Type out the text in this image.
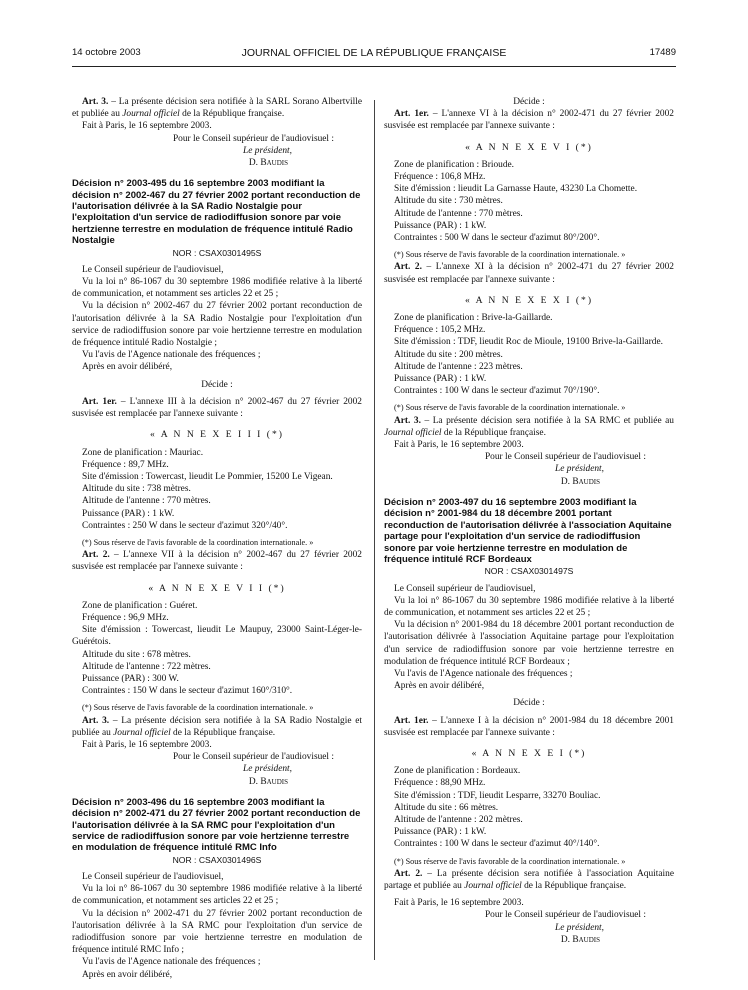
14 octobre 2003	JOURNAL OFFICIEL DE LA RÉPUBLIQUE FRANÇAISE	17489

Art. 3. – La présente décision sera notifiée à la SARL Sorano Albertville et publiée au Journal officiel de la République française.

Fait à Paris, le 16 septembre 2003.

Pour le Conseil supérieur de l'audiovisuel :

Le président,

D. Baudis

Décision n° 2003-495 du 16 septembre 2003 modifiant la décision n° 2002-467 du 27 février 2002 portant reconduction de l'autorisation délivrée à la SA Radio Nostalgie pour l'exploitation d'un service de radiodiffusion sonore par voie hertzienne terrestre en modulation de fréquence intitulé Radio Nostalgie

NOR : CSAX0301495S

Le Conseil supérieur de l'audiovisuel,

Vu la loi n° 86-1067 du 30 septembre 1986 modifiée relative à la liberté de communication, et notamment ses articles 22 et 25 ;

Vu la décision n° 2002-467 du 27 février 2002 portant reconduction de l'autorisation délivrée à la SA Radio Nostalgie pour l'exploitation d'un service de radiodiffusion sonore par voie hertzienne terrestre en modulation de fréquence intitulé Radio Nostalgie ;

Vu l'avis de l'Agence nationale des fréquences ;

Après en avoir délibéré,

Décide :

Art. 1er. – L'annexe III à la décision n° 2002-467 du 27 février 2002 susvisée est remplacée par l'annexe suivante :

« A N N E X E I I I (*)

Zone de planification : Mauriac.

Fréquence : 89,7 MHz.

Site d'émission : Towercast, lieudit Le Pommier, 15200 Le Vigean.

Altitude du site : 738 mètres.

Altitude de l'antenne : 770 mètres.

Puissance (PAR) : 1 kW.

Contraintes : 250 W dans le secteur d'azimut 320°/40°.

(*) Sous réserve de l'avis favorable de la coordination internationale. »

Art. 2. – L'annexe VII à la décision n° 2002-467 du 27 février 2002 susvisée est remplacée par l'annexe suivante :

« A N N E X E V I I (*)

Zone de planification : Guéret.

Fréquence : 96,9 MHz.

Site d'émission : Towercast, lieudit Le Maupuy, 23000 Saint-Léger-le-Guérétois.

Altitude du site : 678 mètres.

Altitude de l'antenne : 722 mètres.

Puissance (PAR) : 300 W.

Contraintes : 150 W dans le secteur d'azimut 160°/310°.

(*) Sous réserve de l'avis favorable de la coordination internationale. »

Art. 3. – La présente décision sera notifiée à la SA Radio Nostalgie et publiée au Journal officiel de la République française.

Fait à Paris, le 16 septembre 2003.

Pour le Conseil supérieur de l'audiovisuel :

Le président,

D. Baudis

Décision n° 2003-496 du 16 septembre 2003 modifiant la décision n° 2002-471 du 27 février 2002 portant reconduction de l'autorisation délivrée à la SA RMC pour l'exploitation d'un service de radiodiffusion sonore par voie hertzienne terrestre en modulation de fréquence intitulé RMC Info

NOR : CSAX0301496S

Le Conseil supérieur de l'audiovisuel,

Vu la loi n° 86-1067 du 30 septembre 1986 modifiée relative à la liberté de communication, et notamment ses articles 22 et 25 ;

Vu la décision n° 2002-471 du 27 février 2002 portant reconduction de l'autorisation délivrée à la SA RMC pour l'exploitation d'un service de radiodiffusion sonore par voie hertzienne terrestre en modulation de fréquence intitulé RMC Info ;

Vu l'avis de l'Agence nationale des fréquences ;

Après en avoir délibéré,

Décide :

Art. 1er. – L'annexe VI à la décision n° 2002-471 du 27 février 2002 susvisée est remplacée par l'annexe suivante :

« A N N E X E V I (*)

Zone de planification : Brioude.

Fréquence : 106,8 MHz.

Site d'émission : lieudit La Garnasse Haute, 43230 La Chomette.

Altitude du site : 730 mètres.

Altitude de l'antenne : 770 mètres.

Puissance (PAR) : 1 kW.

Contraintes : 500 W dans le secteur d'azimut 80°/200°.

(*) Sous réserve de l'avis favorable de la coordination internationale. »

Art. 2. – L'annexe XI à la décision n° 2002-471 du 27 février 2002 susvisée est remplacée par l'annexe suivante :

« A N N E X E X I (*)

Zone de planification : Brive-la-Gaillarde.

Fréquence : 105,2 MHz.

Site d'émission : TDF, lieudit Roc de Mioule, 19100 Brive-la-Gaillarde.

Altitude du site : 200 mètres.

Altitude de l'antenne : 223 mètres.

Puissance (PAR) : 1 kW.

Contraintes : 100 W dans le secteur d'azimut 70°/190°.

(*) Sous réserve de l'avis favorable de la coordination internationale. »

Art. 3. – La présente décision sera notifiée à la SA RMC et publiée au Journal officiel de la République française.

Fait à Paris, le 16 septembre 2003.

Pour le Conseil supérieur de l'audiovisuel :

Le président,

D. Baudis

Décision n° 2003-497 du 16 septembre 2003 modifiant la décision n° 2001-984 du 18 décembre 2001 portant reconduction de l'autorisation délivrée à l'association Aquitaine partage pour l'exploitation d'un service de radiodiffusion sonore par voie hertzienne terrestre en modulation de fréquence intitulé RCF Bordeaux

NOR : CSAX0301497S

Le Conseil supérieur de l'audiovisuel,

Vu la loi n° 86-1067 du 30 septembre 1986 modifiée relative à la liberté de communication, et notamment ses articles 22 et 25 ;

Vu la décision n° 2001-984 du 18 décembre 2001 portant reconduction de l'autorisation délivrée à l'association Aquitaine partage pour l'exploitation d'un service de radiodiffusion sonore par voie hertzienne terrestre en modulation de fréquence intitulé RCF Bordeaux ;

Vu l'avis de l'Agence nationale des fréquences ;

Après en avoir délibéré,

Décide :

Art. 1er. – L'annexe I à la décision n° 2001-984 du 18 décembre 2001 susvisée est remplacée par l'annexe suivante :

« A N N E X E I (*)

Zone de planification : Bordeaux.

Fréquence : 88,90 MHz.

Site d'émission : TDF, lieudit Lesparre, 33270 Bouliac.

Altitude du site : 66 mètres.

Altitude de l'antenne : 202 mètres.

Puissance (PAR) : 1 kW.

Contraintes : 100 W dans le secteur d'azimut 40°/140°.

(*) Sous réserve de l'avis favorable de la coordination internationale. »

Art. 2. – La présente décision sera notifiée à l'association Aquitaine partage et publiée au Journal officiel de la République française.

Fait à Paris, le 16 septembre 2003.

Pour le Conseil supérieur de l'audiovisuel :

Le président,

D. Baudis
